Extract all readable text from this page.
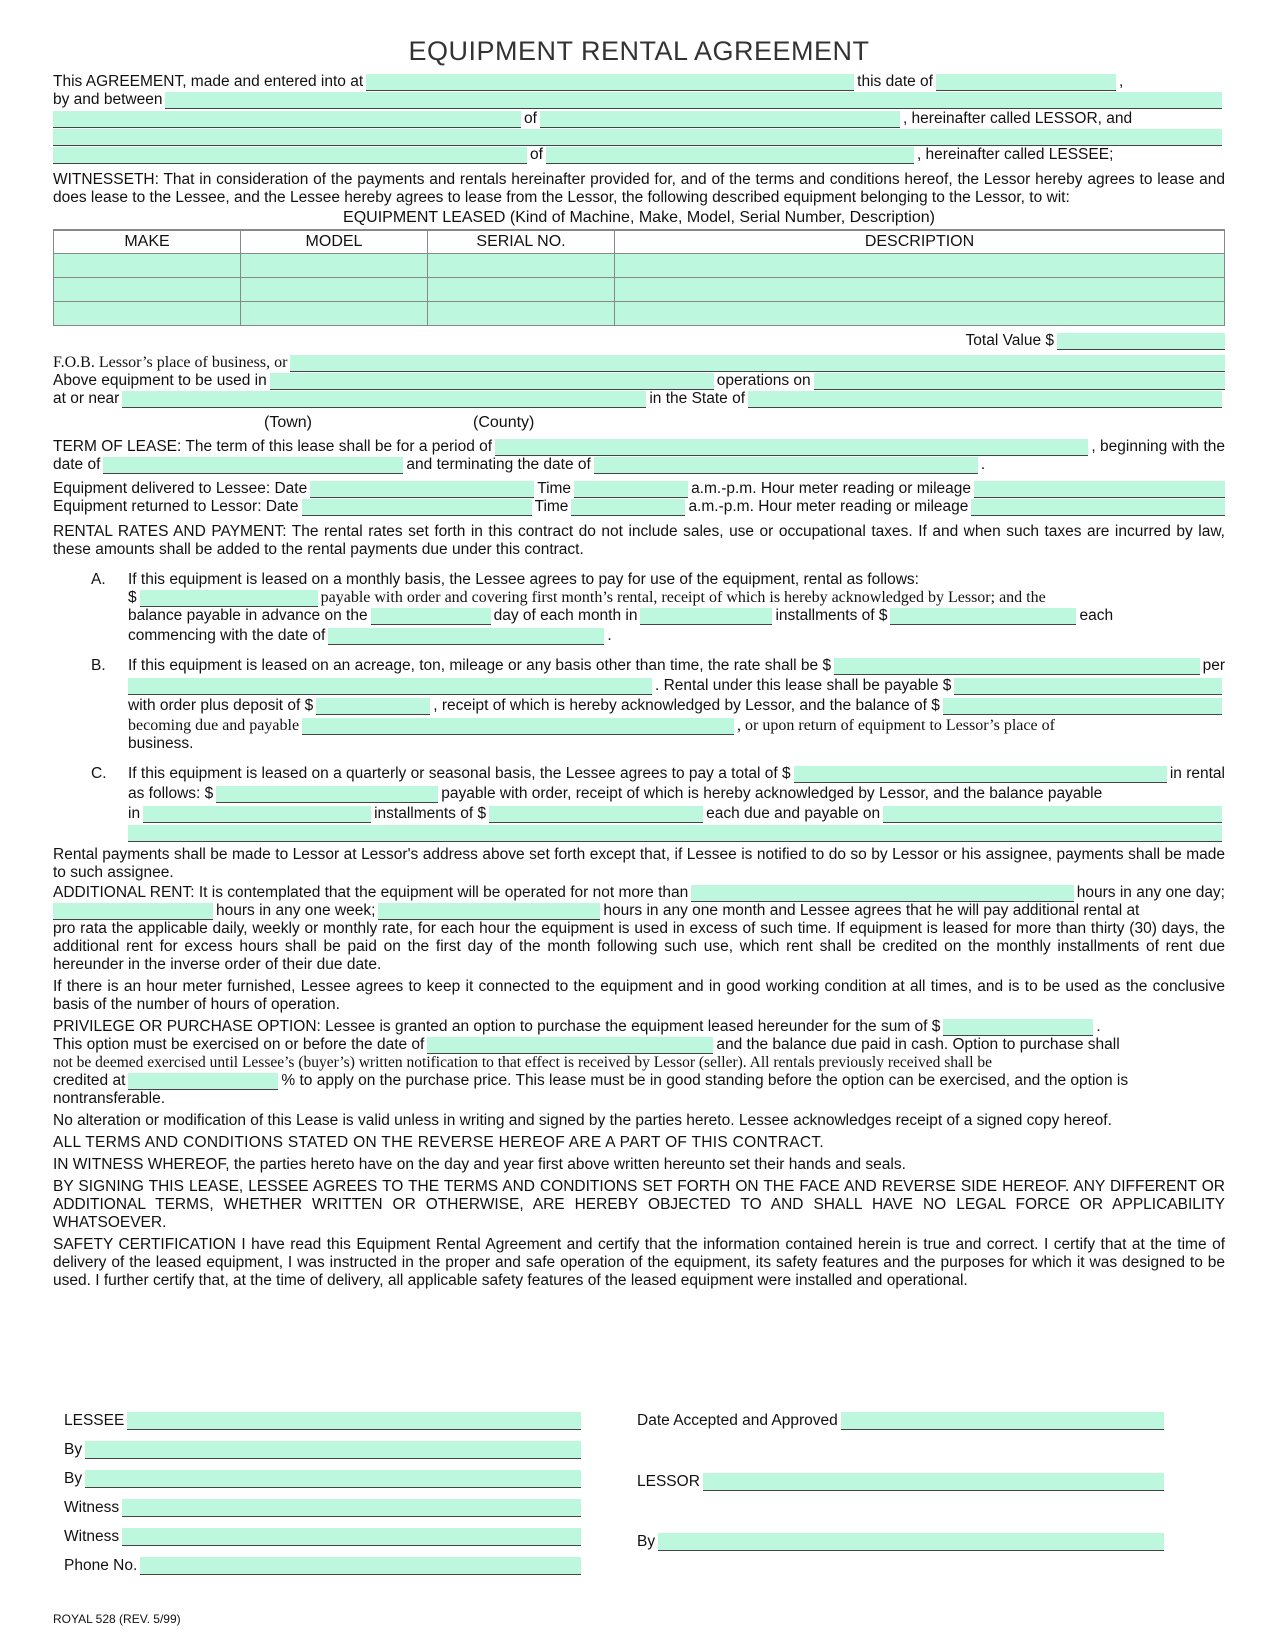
EQUIPMENT RENTAL AGREEMENT
This AGREEMENT, made and entered into at	this date of	,
by and between
of	, hereinafter called LESSOR, and
of	, hereinafter called LESSEE;

WITNESSETH: That in consideration of the payments and rentals hereinafter provided for, and of the terms and conditions hereof, the Lessor hereby agrees to lease and does lease to the Lessee, and the Lessee hereby agrees to lease from the Lessor, the following described equipment belonging to the Lessor, to wit:

EQUIPMENT LEASED (Kind of Machine, Make, Model, Serial Number, Description)
MAKE	MODEL	SERIAL NO.	DESCRIPTION

Total Value $
F.O.B. Lessor’s place of business, or
Above equipment to be used in	operations on
at or near	in the State of
(Town)	(County)
TERM OF LEASE: The term of this lease shall be for a period of	, beginning with the
date of	and terminating the date of	.
Equipment delivered to Lessee: Date	Time	a.m.-p.m. Hour meter reading or mileage
Equipment returned to Lessor: Date	Time	a.m.-p.m. Hour meter reading or mileage

RENTAL RATES AND PAYMENT: The rental rates set forth in this contract do not include sales, use or occupational taxes. If and when such taxes are incurred by law, these amounts shall be added to the rental payments due under this contract.

A.	If this equipment is leased on a monthly basis, the Lessee agrees to pay for use of the equipment, rental as follows:
$	payable with order and covering first month’s rental, receipt of which is hereby acknowledged by Lessor; and the
balance payable in advance on the	day of each month in	installments of $	each
commencing with the date of	.
B.	If this equipment is leased on an acreage, ton, mileage or any basis other than time, the rate shall be $	per
. Rental under this lease shall be payable $
with order plus deposit of $	, receipt of which is hereby acknowledged by Lessor, and the balance of $
becoming due and payable	, or upon return of equipment to Lessor’s place of
business.
C.	If this equipment is leased on a quarterly or seasonal basis, the Lessee agrees to pay a total of $	in rental
as follows: $	payable with order, receipt of which is hereby acknowledged by Lessor, and the balance payable
in	installments of $	each due and payable on

Rental payments shall be made to Lessor at Lessor's address above set forth except that, if Lessee is notified to do so by Lessor or his assignee, payments shall be made to such assignee.

ADDITIONAL RENT: It is contemplated that the equipment will be operated for not more than	hours in any one day;
hours in any one week;	hours in any one month and Lessee agrees that he will pay additional rental at

pro rata the applicable daily, weekly or monthly rate, for each hour the equipment is used in excess of such time. If equipment is leased for more than thirty (30) days, the additional rent for excess hours shall be paid on the first day of the month following such use, which rent shall be credited on the monthly installments of rent due hereunder in the inverse order of their due date.

If there is an hour meter furnished, Lessee agrees to keep it connected to the equipment and in good working condition at all times, and is to be used as the conclusive basis of the number of hours of operation.

PRIVILEGE OR PURCHASE OPTION: Lessee is granted an option to purchase the equipment leased hereunder for the sum of $	.
This option must be exercised on or before the date of	and the balance due paid in cash. Option to purchase shall

not be deemed exercised until Lessee’s (buyer’s) written notification to that effect is received by Lessor (seller). All rentals previously received shall be

credited at	% to apply on the purchase price. This lease must be in good standing before the option can be exercised, and the option is

nontransferable.

No alteration or modification of this Lease is valid unless in writing and signed by the parties hereto. Lessee acknowledges receipt of a signed copy hereof.

ALL TERMS AND CONDITIONS STATED ON THE REVERSE HEREOF ARE A PART OF THIS CONTRACT.

IN WITNESS WHEREOF, the parties hereto have on the day and year first above written hereunto set their hands and seals.

BY SIGNING THIS LEASE, LESSEE AGREES TO THE TERMS AND CONDITIONS SET FORTH ON THE FACE AND REVERSE SIDE HEREOF. ANY DIFFERENT OR ADDITIONAL TERMS, WHETHER WRITTEN OR OTHERWISE, ARE HEREBY OBJECTED TO AND SHALL HAVE NO LEGAL FORCE OR APPLICABILITY WHATSOEVER.

SAFETY CERTIFICATION I have read this Equipment Rental Agreement and certify that the information contained herein is true and correct. I certify that at the time of delivery of the leased equipment, I was instructed in the proper and safe operation of the equipment, its safety features and the purposes for which it was designed to be used. I further certify that, at the time of delivery, all applicable safety features of the leased equipment were installed and operational.

LESSEE
By
By
Witness
Witness
Phone No.
Date Accepted and Approved
LESSOR
By
ROYAL 528 (REV. 5/99)
